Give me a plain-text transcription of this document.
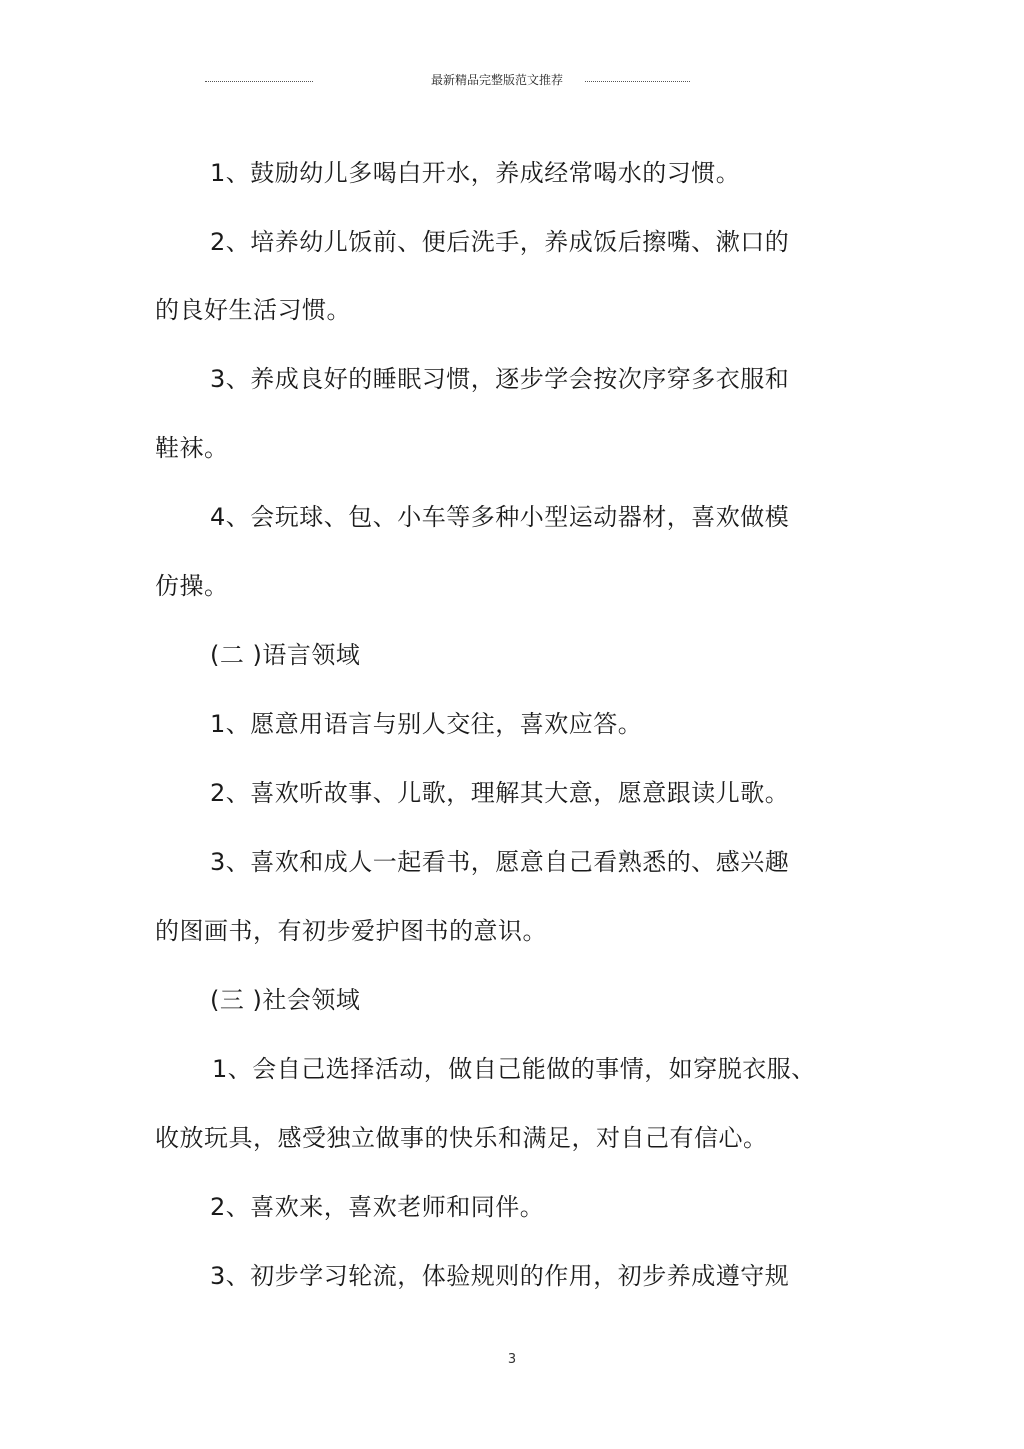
最新精品完整版范文推荐
1、鼓励幼儿多喝白开水，养成经常喝水的习惯。
2、培养幼儿饭前、便后洗手，养成饭后擦嘴、漱口的
的良好生活习惯。
3、养成良好的睡眠习惯，逐步学会按次序穿多衣服和
鞋袜。
4、会玩球、包、小车等多种小型运动器材，喜欢做模
仿操。
(二 )语言领域
1、愿意用语言与别人交往，喜欢应答。
2、喜欢听故事、儿歌，理解其大意，愿意跟读儿歌。
3、喜欢和成人一起看书，愿意自己看熟悉的、感兴趣
的图画书，有初步爱护图书的意识。
(三 )社会领域
1、会自己选择活动，做自己能做的事情，如穿脱衣服、
收放玩具，感受独立做事的快乐和满足，对自己有信心。
2、喜欢来，喜欢老师和同伴。
3、初步学习轮流，体验规则的作用，初步养成遵守规
3
